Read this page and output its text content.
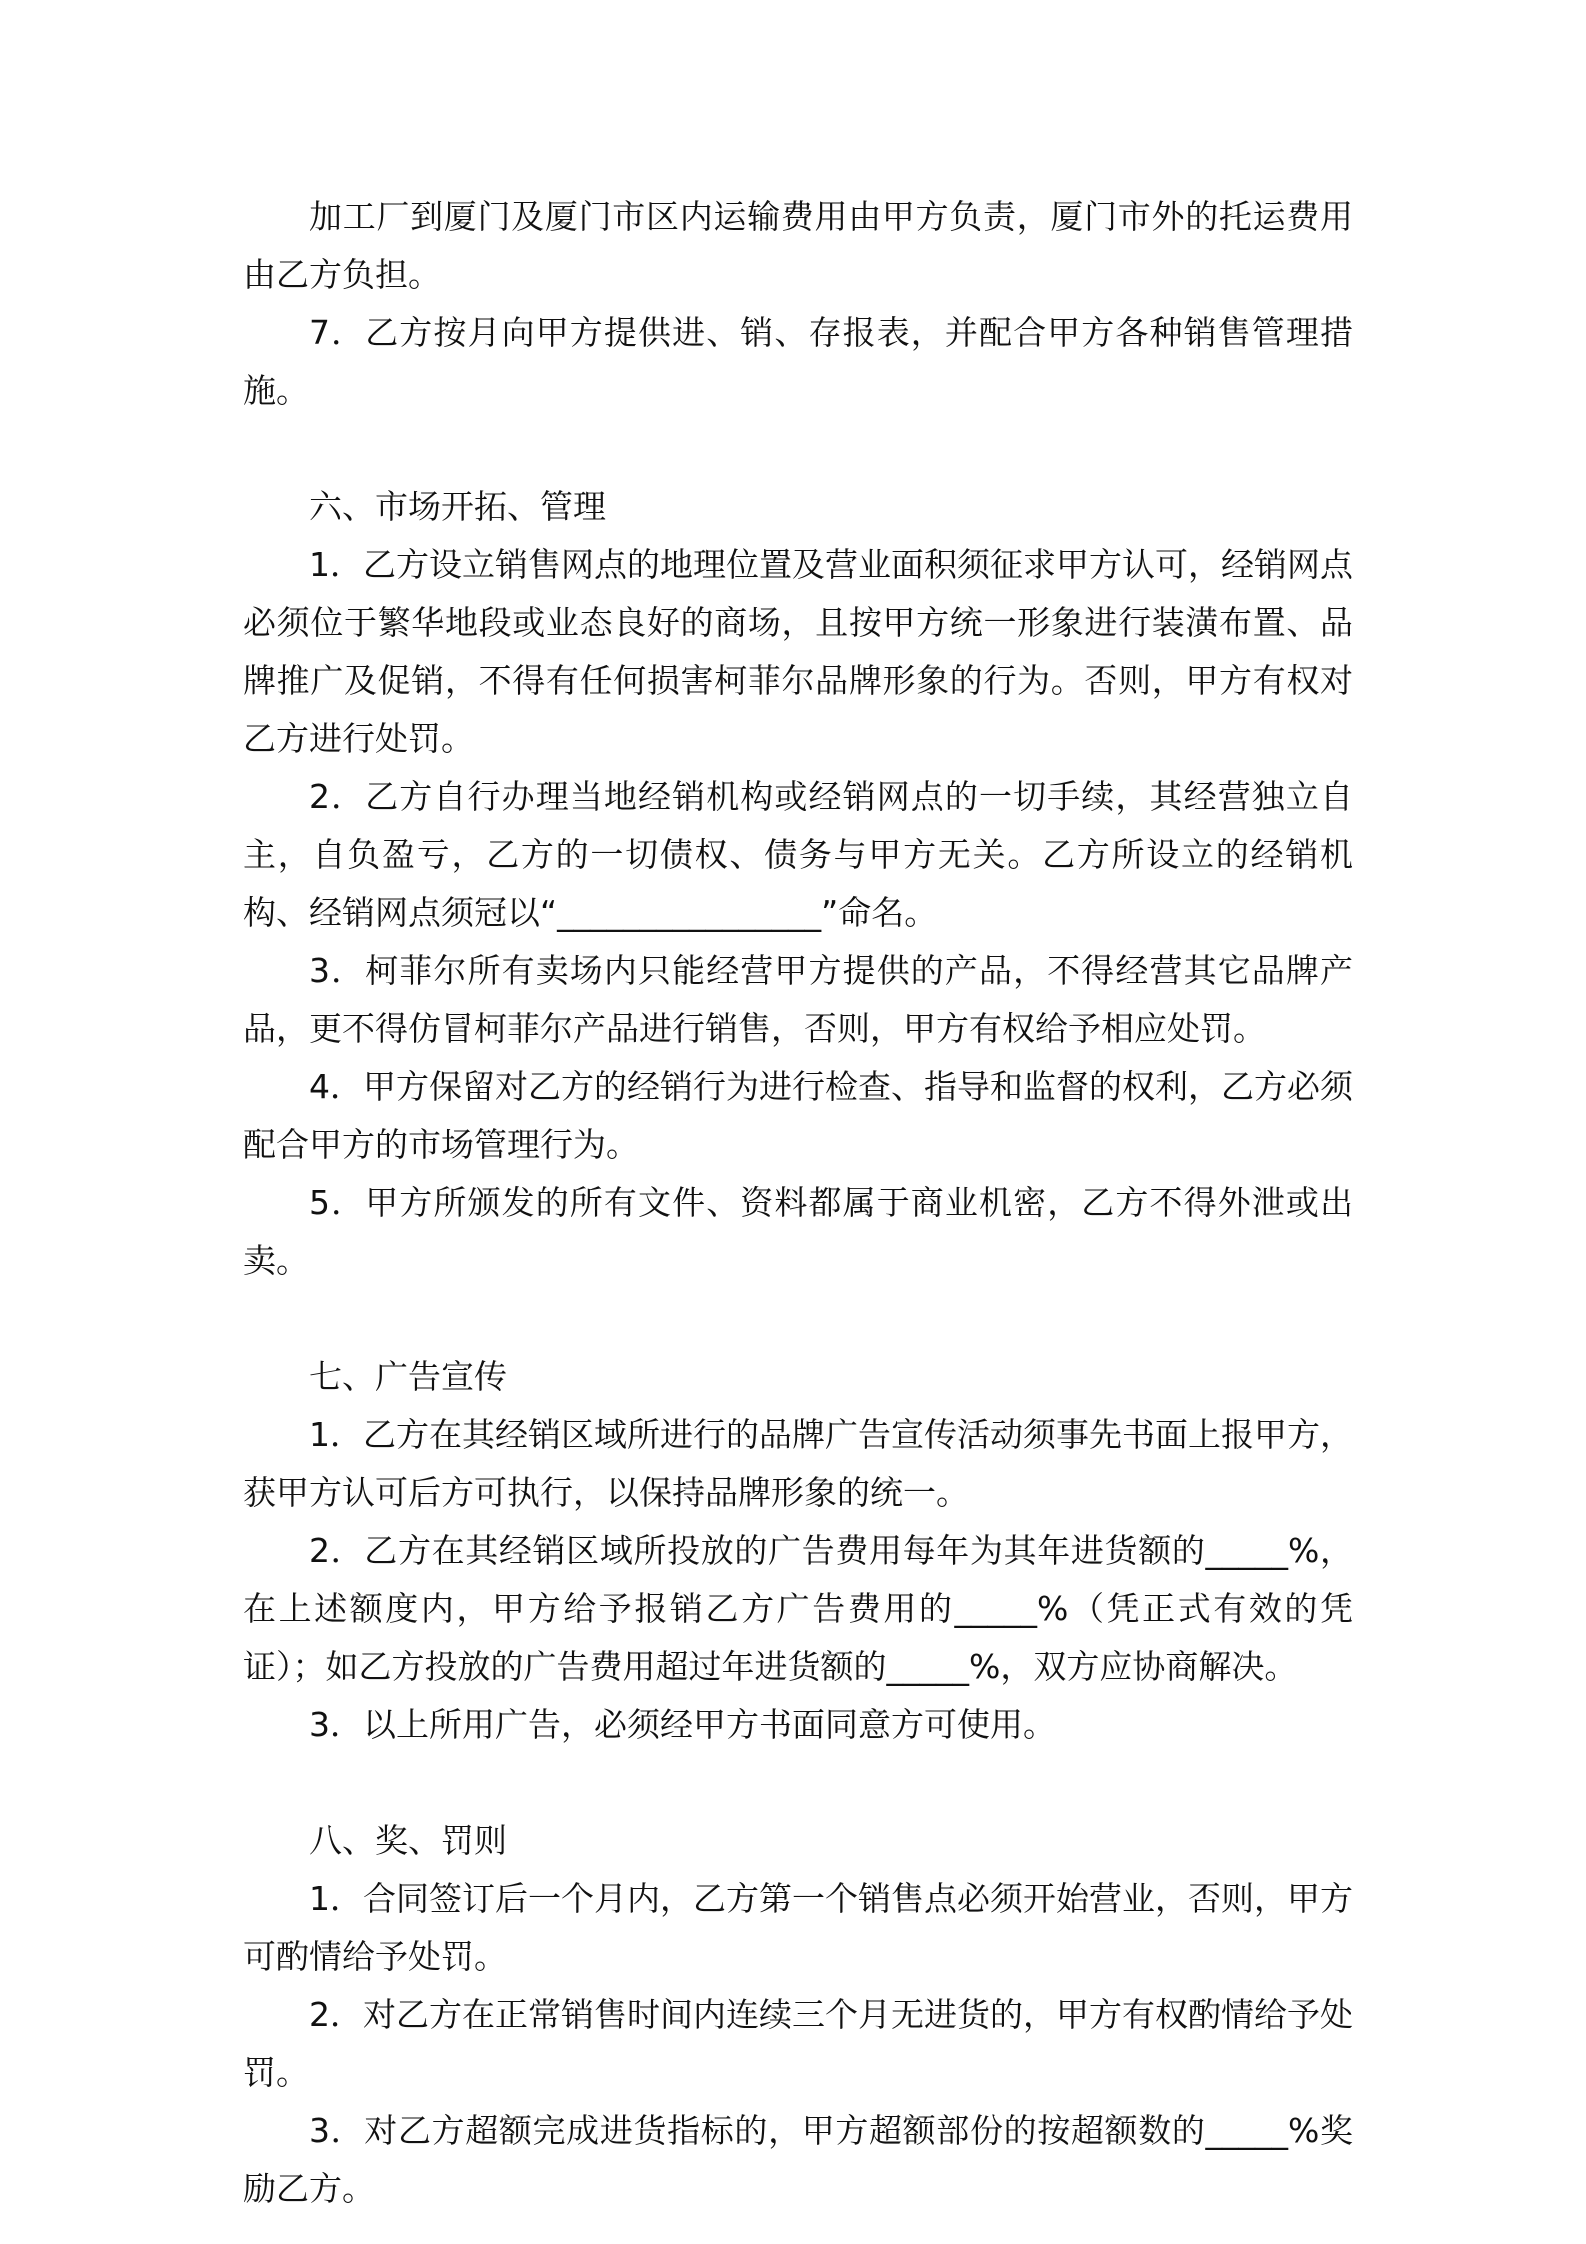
加工厂到厦门及厦门市区内运输费用由甲方负责，厦门市外的托运费用由乙方负担。

7．乙方按月向甲方提供进、销、存报表，并配合甲方各种销售管理措施。

六、市场开拓、管理

1．乙方设立销售网点的地理位置及营业面积须征求甲方认可，经销网点必须位于繁华地段或业态良好的商场，且按甲方统一形象进行装潢布置、品牌推广及促销，不得有任何损害柯菲尔品牌形象的行为。否则，甲方有权对乙方进行处罚。

2．乙方自行办理当地经销机构或经销网点的一切手续，其经营独立自主，自负盈亏，乙方的一切债权、债务与甲方无关。乙方所设立的经销机构、经销网点须冠以“________________”命名。

3．柯菲尔所有卖场内只能经营甲方提供的产品，不得经营其它品牌产品，更不得仿冒柯菲尔产品进行销售，否则，甲方有权给予相应处罚。

4．甲方保留对乙方的经销行为进行检查、指导和监督的权利，乙方必须配合甲方的市场管理行为。

5．甲方所颁发的所有文件、资料都属于商业机密，乙方不得外泄或出卖。

七、广告宣传

1．乙方在其经销区域所进行的品牌广告宣传活动须事先书面上报甲方，获甲方认可后方可执行，以保持品牌形象的统一。

2．乙方在其经销区域所投放的广告费用每年为其年进货额的_____%，在上述额度内，甲方给予报销乙方广告费用的_____%（凭正式有效的凭证）；如乙方投放的广告费用超过年进货额的_____%，双方应协商解决。

3．以上所用广告，必须经甲方书面同意方可使用。

八、奖、罚则

1．合同签订后一个月内，乙方第一个销售点必须开始营业，否则，甲方可酌情给予处罚。

2．对乙方在正常销售时间内连续三个月无进货的，甲方有权酌情给予处罚。

3．对乙方超额完成进货指标的，甲方超额部份的按超额数的_____%奖励乙方。
